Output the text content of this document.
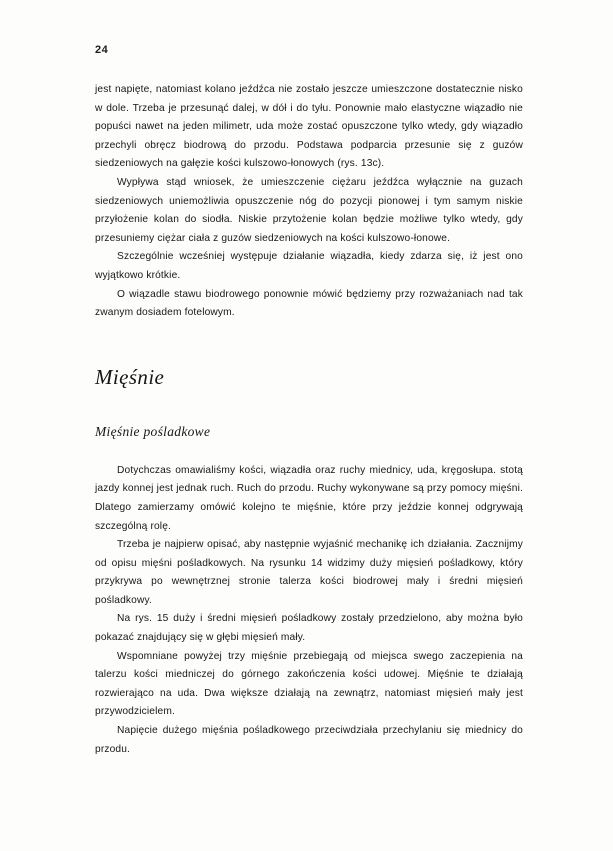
24

jest napięte, natomiast kolano jeźdźca nie zostało jeszcze umieszczone dostatecznie nisko w dole. Trzeba je przesunąć dalej, w dół i do tyłu. Ponownie mało elastyczne wiązadło nie popuści nawet na jeden milimetr, uda może zostać opuszczone tylko wtedy, gdy wiązadło przechyli obręcz biodrową do przodu. Podstawa podparcia przesunie się z guzów siedzeniowych na gałęzie kości kulszowo-łonowych (rys. 13c).

Wypływa stąd wniosek, że umieszczenie ciężaru jeźdźca wyłącznie na guzach siedzeniowych uniemożliwia opuszczenie nóg do pozycji pionowej i tym samym niskie przyłożenie kolan do siodła. Niskie przytożenie kolan będzie możliwe tylko wtedy, gdy przesuniemy ciężar ciała z guzów siedzeniowych na kości kulszowo-łonowe.

Szczególnie wcześniej występuje działanie wiązadła, kiedy zdarza się, iż jest ono wyjątkowo krótkie.

O wiązadle stawu biodrowego ponownie mówić będziemy przy rozważaniach nad tak zwanym dosiadem fotelowym.

Mięśnie
Mięśnie pośladkowe

Dotychczas omawialiśmy kości, wiązadła oraz ruchy miednicy, uda, kręgosłupa. stotą jazdy konnej jest jednak ruch. Ruch do przodu. Ruchy wykonywane są przy pomocy mięśni. Dlatego zamierzamy omówić kolejno te mięśnie, które przy jeździe konnej odgrywają szczególną rolę.

Trzeba je najpierw opisać, aby następnie wyjaśnić mechanikę ich działania. Zacznijmy od opisu mięśni pośladkowych. Na rysunku 14 widzimy duży mięsień pośladkowy, który przykrywa po wewnętrznej stronie talerza kości biodrowej mały i średni mięsień pośladkowy.

Na rys. 15 duży i średni mięsień pośladkowy zostały przedzielono, aby można było pokazać znajdujący się w głębi mięsień mały.

Wspomniane powyżej trzy mięśnie przebiegają od miejsca swego zaczepienia na talerzu kości miedniczej do górnego zakończenia kości udowej. Mięśnie te działają rozwierająco na uda. Dwa większe działają na zewnątrz, natomiast mięsień mały jest przywodzicielem.

Napięcie dużego mięśnia pośladkowego przeciwdziała przechylaniu się miednicy do przodu.
